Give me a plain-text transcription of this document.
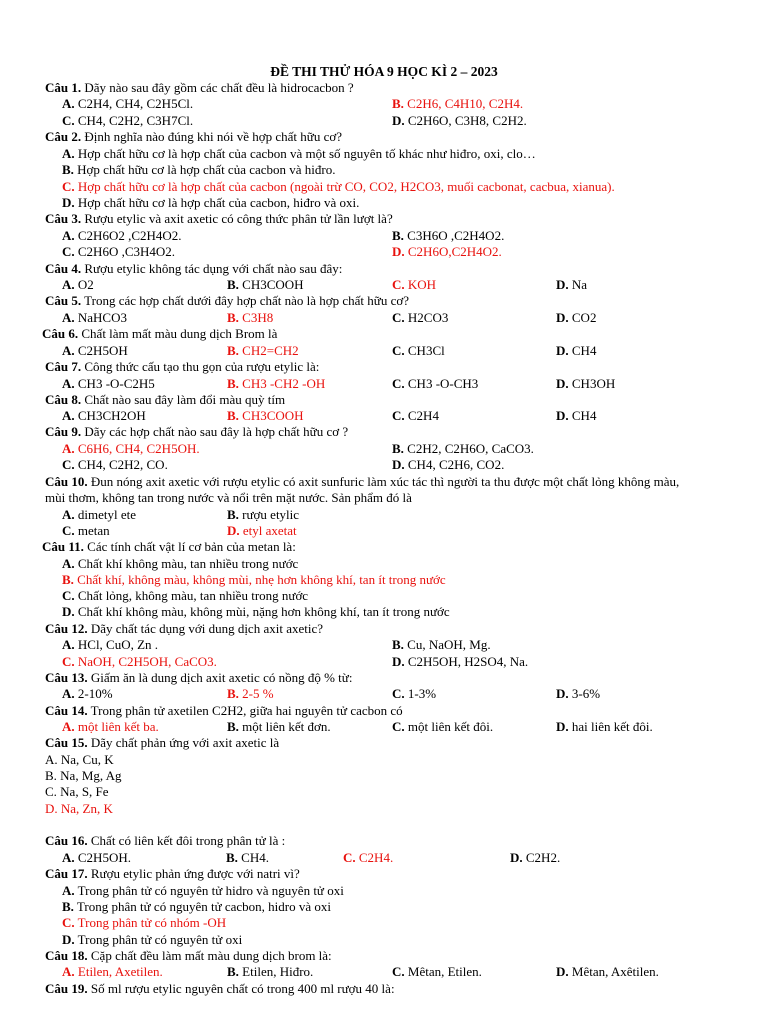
ĐỀ THI THỬ HÓA 9 HỌC KÌ 2 – 2023
Câu 1. Dãy nào sau đây gồm các chất đều là hidrocacbon ?
A. C2H4, CH4, C2H5Cl.	B. C2H6, C4H10, C2H4.
C. CH4, C2H2, C3H7Cl.	D. C2H6O, C3H8, C2H2.
Câu 2. Định nghĩa nào đúng khi nói về hợp chất hữu cơ?
A. Hợp chất hữu cơ là hợp chất của cacbon và một số nguyên tố khác như hiđro, oxi, clo…
B. Hợp chất hữu cơ là hợp chất của cacbon và hiđro.
C. Hợp chất hữu cơ là hợp chất của cacbon (ngoài trừ CO, CO2, H2CO3, muối cacbonat, cacbua, xianua).
D. Hợp chất hữu cơ là hợp chất của cacbon, hiđro và oxi.
Câu 3. Rượu etylic và axit axetic có công thức phân tử lần lượt là?
A. C2H6O2 ,C2H4O2.	B. C3H6O ,C2H4O2.
C. C2H6O ,C3H4O2.	D. C2H6O,C2H4O2.
Câu 4. Rượu etylic không tác dụng với chất nào sau đây:
A. O2	B. CH3COOH	C. KOH	D. Na
Câu 5. Trong các hợp chất dưới đây hợp chất nào là hợp chất hữu cơ?
A. NaHCO3	B. C3H8	C. H2CO3	D. CO2
Câu 6. Chất làm mất màu dung dịch Brom là
A. C2H5OH	B. CH2=CH2	C. CH3Cl	D. CH4
Câu 7. Công thức cấu tạo thu gọn của rượu etylic là:
A. CH3 -O-C2H5	B. CH3 -CH2 -OH	C. CH3 -O-CH3	D. CH3OH
Câu 8. Chất nào sau đây làm đổi màu quỳ tím
A. CH3CH2OH	B. CH3COOH	C. C2H4	D. CH4
Câu 9. Dãy các hợp chất nào sau đây là hợp chất hữu cơ ?
A. C6H6, CH4, C2H5OH.	B. C2H2, C2H6O, CaCO3.
C. CH4, C2H2, CO.	D. CH4, C2H6, CO2.
Câu 10. Đun nóng axit axetic với rượu etylic có axit sunfuric làm xúc tác thì người ta thu được một chất lỏng không màu,
mùi thơm, không tan trong nước và nổi trên mặt nước. Sản phẩm đó là
A. dimetyl ete	B. rượu etylic
C. metan	D. etyl axetat
Câu 11. Các tính chất vật lí cơ bản của metan là:
A. Chất khí không màu, tan nhiều trong nước
B. Chất khí, không màu, không mùi, nhẹ hơn không khí, tan ít trong nước
C. Chất lỏng, không màu, tan nhiều trong nước
D. Chất khí không màu, không mùi, nặng hơn không khí, tan ít trong nước
Câu 12. Dãy chất tác dụng với dung dịch axit axetic?
A. HCl, CuO, Zn .	B. Cu, NaOH, Mg.
C. NaOH, C2H5OH, CaCO3.	D. C2H5OH, H2SO4, Na.
Câu 13. Giấm ăn là dung dịch axit axetic có nồng độ % từ:
A. 2-10%	B. 2-5 %	C. 1-3%	D. 3-6%
Câu 14. Trong phân tử axetilen C2H2, giữa hai nguyên tử cacbon có
A. một liên kết ba.	B. một liên kết đơn.	C. một liên kết đôi.	D. hai liên kết đôi.
Câu 15. Dãy chất phản ứng với axit axetic là
A. Na, Cu, K
B. Na, Mg, Ag
C. Na, S, Fe
D. Na, Zn, K
Câu 16. Chất có liên kết đôi trong phân tử là :
A. C2H5OH.	B. CH4.	C. C2H4.	D. C2H2.
Câu 17. Rượu etylic phản ứng được với natri vì?
A. Trong phân tử có nguyên tử hidro và nguyên tử oxi
B. Trong phân tử có nguyên tử cacbon, hidro và oxi
C. Trong phân tử có nhóm -OH
D. Trong phân tử có nguyên tử oxi
Câu 18. Cặp chất đều làm mất màu dung dịch brom là:
A. Etilen, Axetilen.	B. Etilen, Hiđro.	C. Mêtan, Etilen.	D. Mêtan, Axêtilen.
Câu 19. Số ml rượu etylic nguyên chất có trong 400 ml rượu 40 là:
